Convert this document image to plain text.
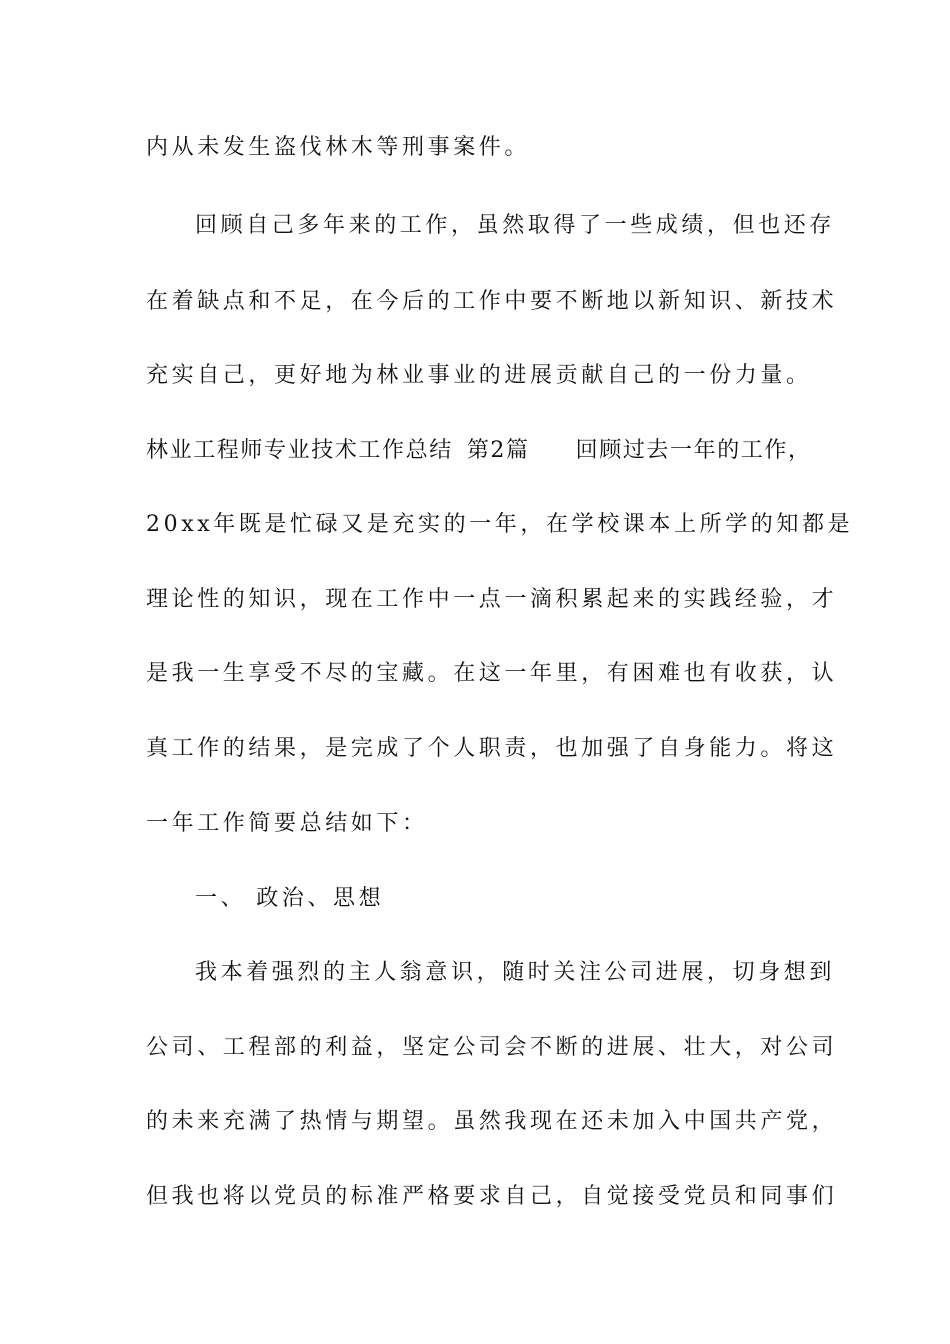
内从未发生盗伐林木等刑事案件。
回顾自己多年来的工作，虽然取得了一些成绩，但也还存
在着缺点和不足，在今后的工作中要不断地以新知识、新技术
充实自己，更好地为林业事业的进展贡献自己的一份力量。
林业工程师专业技术工作总结 第2篇 回顾过去一年的工作，
20xx年既是忙碌又是充实的一年，在学校课本上所学的知都是
理论性的知识，现在工作中一点一滴积累起来的实践经验，才
是我一生享受不尽的宝藏。在这一年里，有困难也有收获，认
真工作的结果，是完成了个人职责，也加强了自身能力。将这
一年工作简要总结如下：
一、 政治、思想
我本着强烈的主人翁意识，随时关注公司进展，切身想到
公司、工程部的利益，坚定公司会不断的进展、壮大，对公司
的未来充满了热情与期望。虽然我现在还未加入中国共产党，
但我也将以党员的标准严格要求自己，自觉接受党员和同事们
